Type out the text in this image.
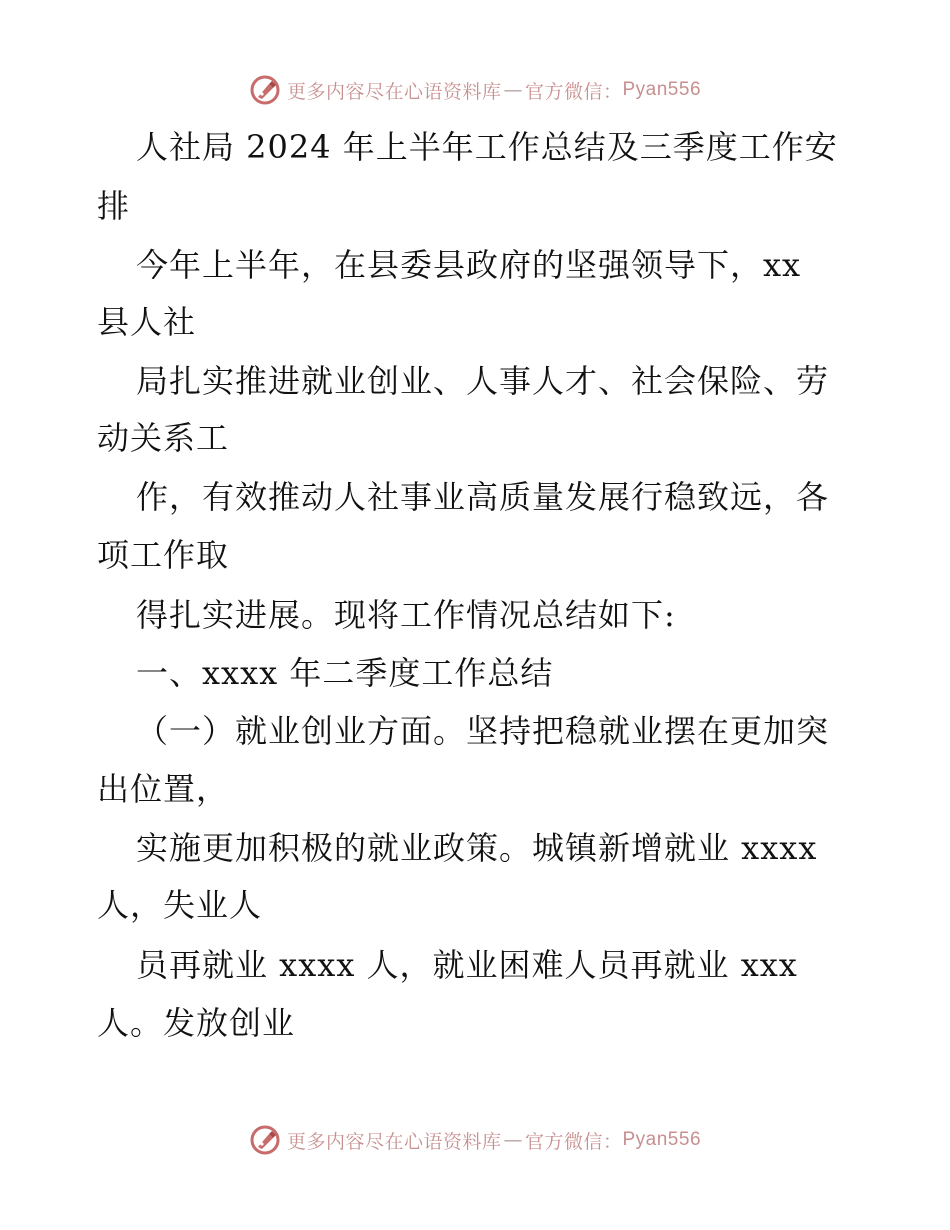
更多内容尽在心语资料库 — 官方微信： Pyan556
人社局 2024 年上半年工作总结及三季度工作安
排
今年上半年，在县委县政府的坚强领导下，xx
县人社
局扎实推进就业创业、人事人才、社会保险、劳
动关系工
作，有效推动人社事业高质量发展行稳致远，各
项工作取
得扎实进展。现将工作情况总结如下:
一、xxxx 年二季度工作总结
（一）就业创业方面。坚持把稳就业摆在更加突
出位置，
实施更加积极的就业政策。城镇新增就业 xxxx
人，失业人
员再就业 xxxx 人，就业困难人员再就业 xxx
人。发放创业
更多内容尽在心语资料库 — 官方微信： Pyan556
